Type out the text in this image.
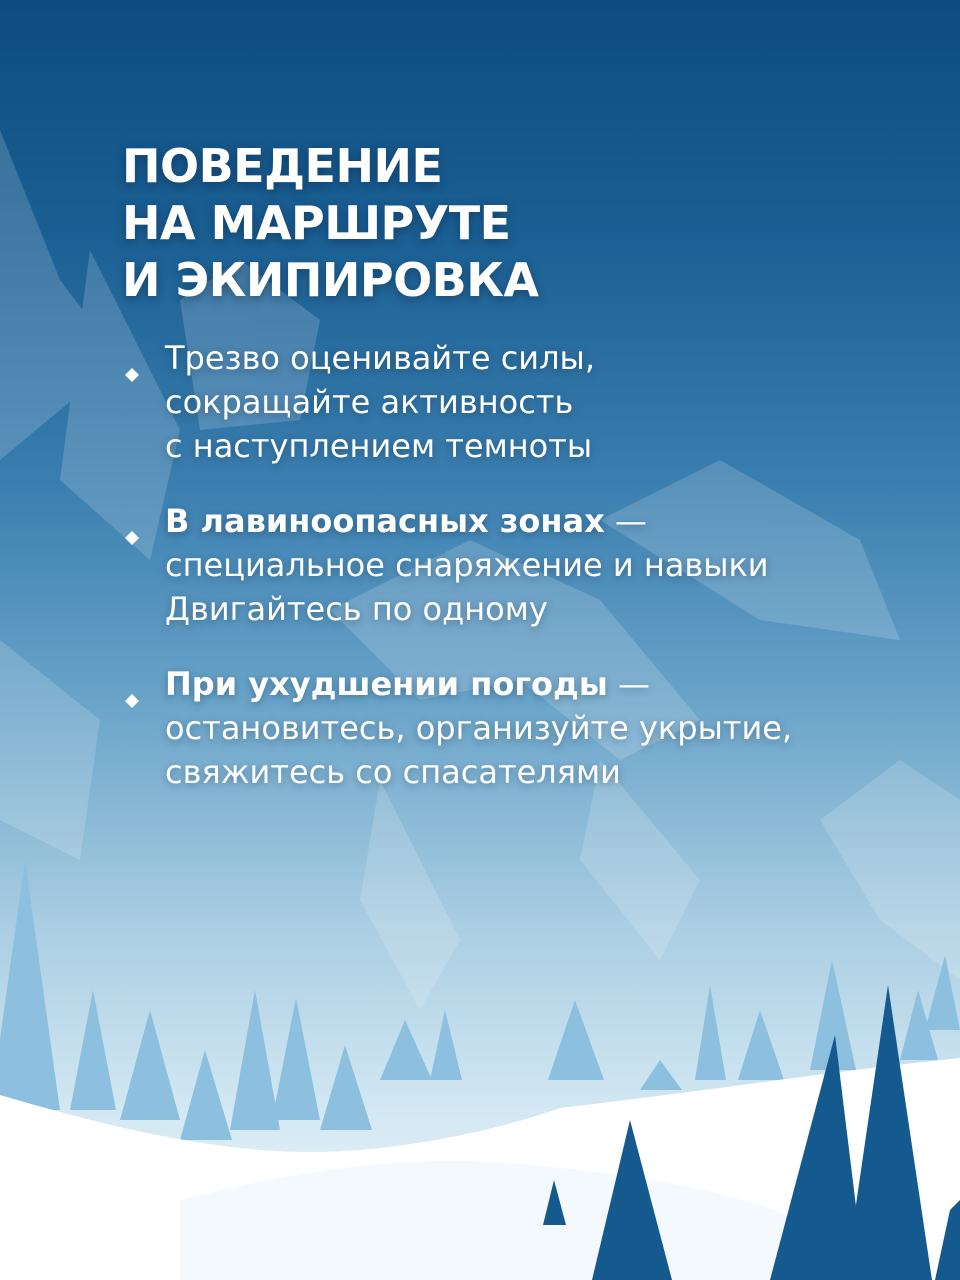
ПОВЕДЕНИЕ
НА МАРШРУТЕ
И ЭКИПИРОВКА
Трезво оценивайте силы,
сокращайте активность
с наступлением темноты
В лавиноопасных зонах —
специальное снаряжение и навыки
Двигайтесь по одному
При ухудшении погоды —
остановитесь, организуйте укрытие,
свяжитесь со спасателями
